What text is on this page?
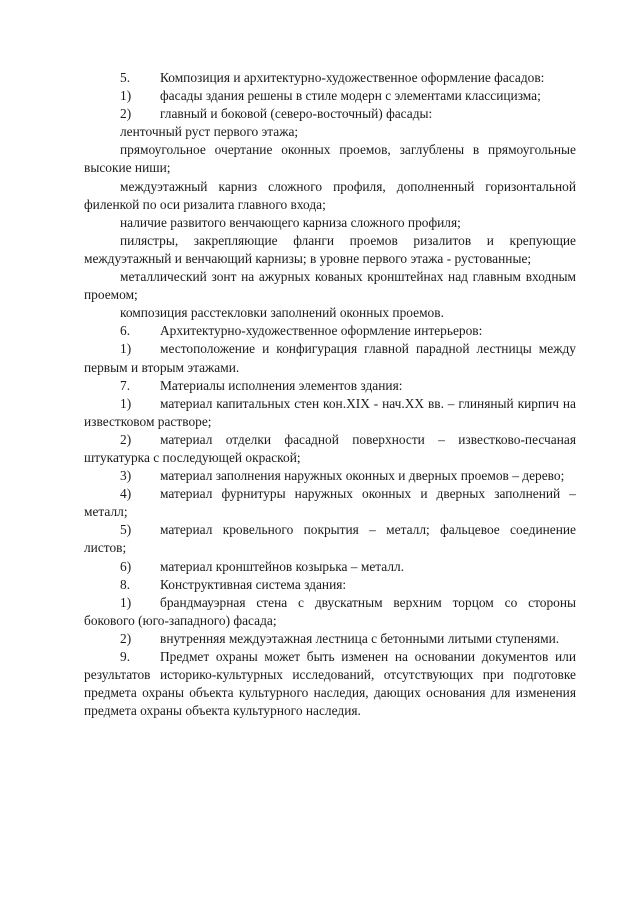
5. Композиция и архитектурно-художественное оформление фасадов:

1) фасады здания решены в стиле модерн с элементами классицизма;

2) главный и боковой (северо-восточный) фасады:

ленточный руст первого этажа;

прямоугольное очертание оконных проемов, заглублены в прямоугольные высокие ниши;

междуэтажный карниз сложного профиля, дополненный горизонтальной филенкой по оси ризалита главного входа;

наличие развитого венчающего карниза сложного профиля;

пилястры, закрепляющие фланги проемов ризалитов и крепующие междуэтажный и венчающий карнизы; в уровне первого этажа - рустованные;

металлический зонт на ажурных кованых кронштейнах над главным входным проемом;

композиция расстекловки заполнений оконных проемов.

6. Архитектурно-художественное оформление интерьеров:

1) местоположение и конфигурация главной парадной лестницы между первым и вторым этажами.

7. Материалы исполнения элементов здания:

1) материал капитальных стен кон.XIX - нач.XX вв. – глиняный кирпич на известковом растворе;

2) материал отделки фасадной поверхности – известково-песчаная штукатурка с последующей окраской;

3) материал заполнения наружных оконных и дверных проемов – дерево;

4) материал фурнитуры наружных оконных и дверных заполнений – металл;

5) материал кровельного покрытия – металл; фальцевое соединение листов;

6) материал кронштейнов козырька – металл.

8. Конструктивная система здания:

1) брандмауэрная стена с двускатным верхним торцом со стороны бокового (юго-западного) фасада;

2) внутренняя междуэтажная лестница с бетонными литыми ступенями.

9. Предмет охраны может быть изменен на основании документов или результатов историко-культурных исследований, отсутствующих при подготовке предмета охраны объекта культурного наследия, дающих основания для изменения предмета охраны объекта культурного наследия.
